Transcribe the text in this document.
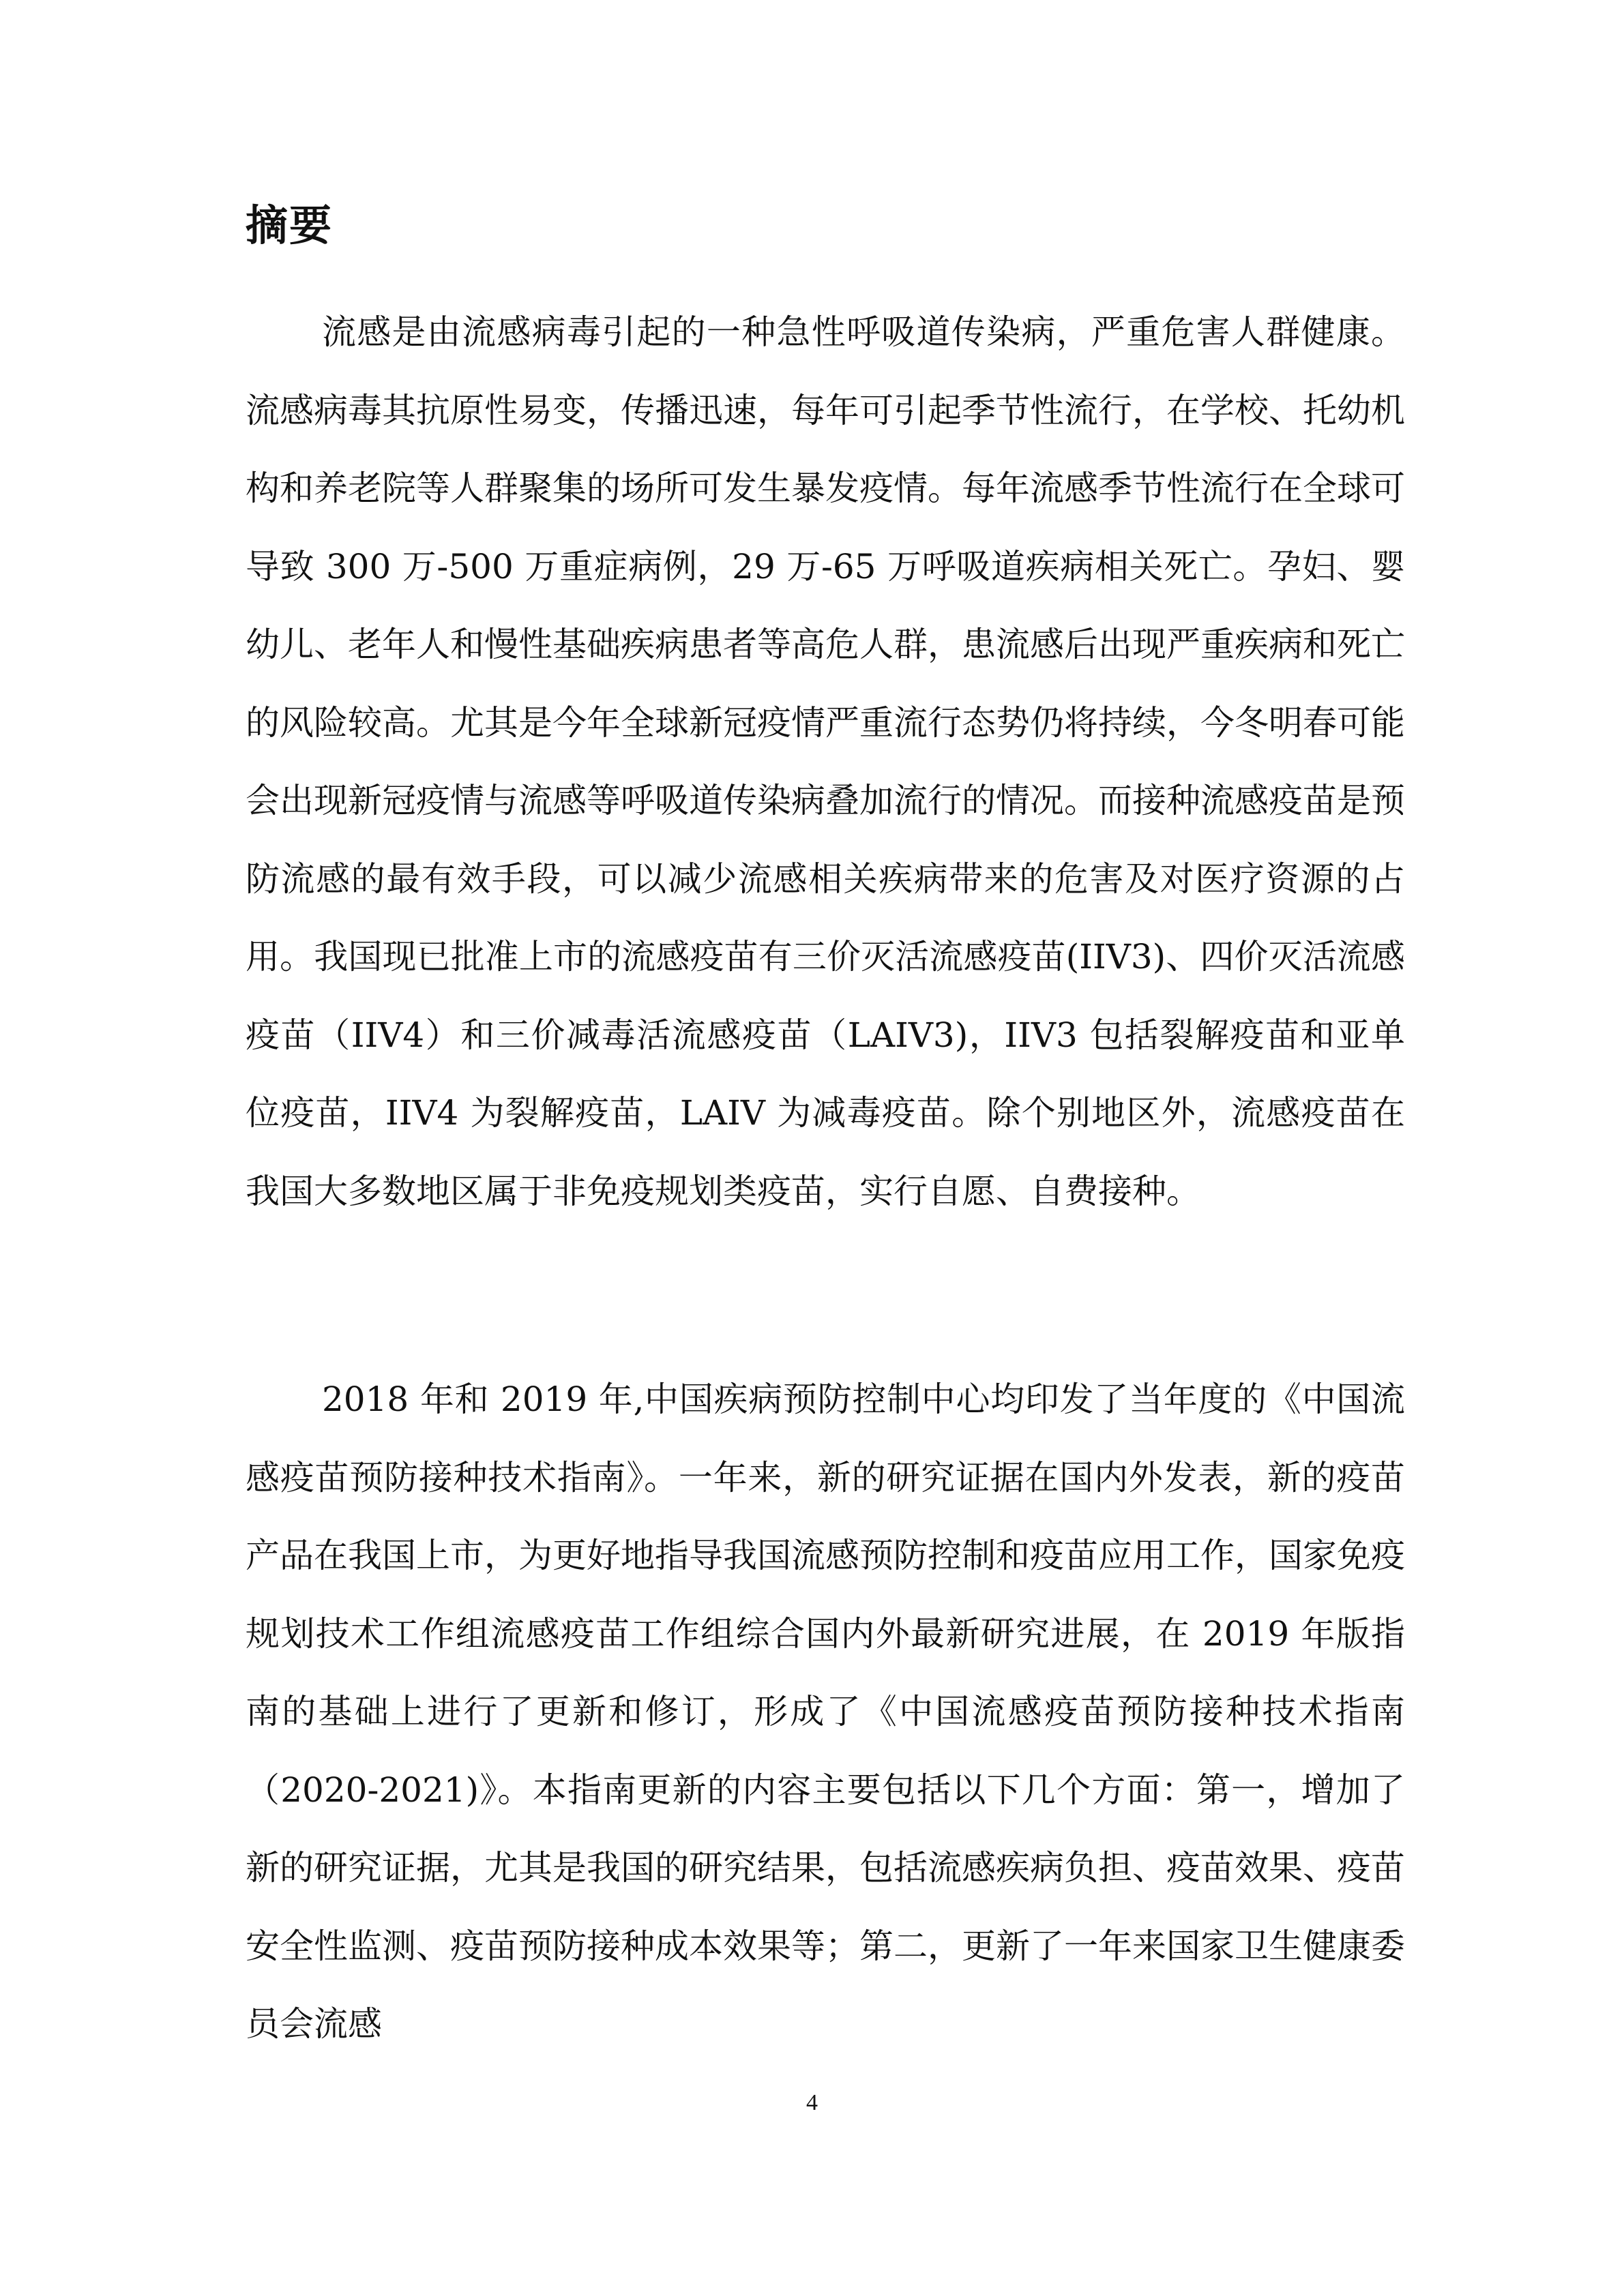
摘要

流感是由流感病毒引起的一种急性呼吸道传染病，严重危害人群健康。流感病毒其抗原性易变，传播迅速，每年可引起季节性流行，在学校、托幼机构和养老院等人群聚集的场所可发生暴发疫情。每年流感季节性流行在全球可导致 300 万-500 万重症病例，29 万-65 万呼吸道疾病相关死亡。孕妇、婴幼儿、老年人和慢性基础疾病患者等高危人群，患流感后出现严重疾病和死亡的风险较高。尤其是今年全球新冠疫情严重流行态势仍将持续，今冬明春可能会出现新冠疫情与流感等呼吸道传染病叠加流行的情况。而接种流感疫苗是预防流感的最有效手段，可以减少流感相关疾病带来的危害及对医疗资源的占用。我国现已批准上市的流感疫苗有三价灭活流感疫苗(IIV3)、四价灭活流感疫苗（IIV4）和三价减毒活流感疫苗（LAIV3)，IIV3 包括裂解疫苗和亚单位疫苗，IIV4 为裂解疫苗，LAIV 为减毒疫苗。除个别地区外，流感疫苗在我国大多数地区属于非免疫规划类疫苗，实行自愿、自费接种。

2018 年和 2019 年,中国疾病预防控制中心均印发了当年度的《中国流感疫苗预防接种技术指南》。一年来，新的研究证据在国内外发表，新的疫苗产品在我国上市，为更好地指导我国流感预防控制和疫苗应用工作，国家免疫规划技术工作组流感疫苗工作组综合国内外最新研究进展，在 2019 年版指南的基础上进行了更新和修订，形成了《中国流感疫苗预防接种技术指南（2020-2021)》。本指南更新的内容主要包括以下几个方面：第一，增加了新的研究证据，尤其是我国的研究结果，包括流感疾病负担、疫苗效果、疫苗安全性监测、疫苗预防接种成本效果等；第二，更新了一年来国家卫生健康委员会流感

4
